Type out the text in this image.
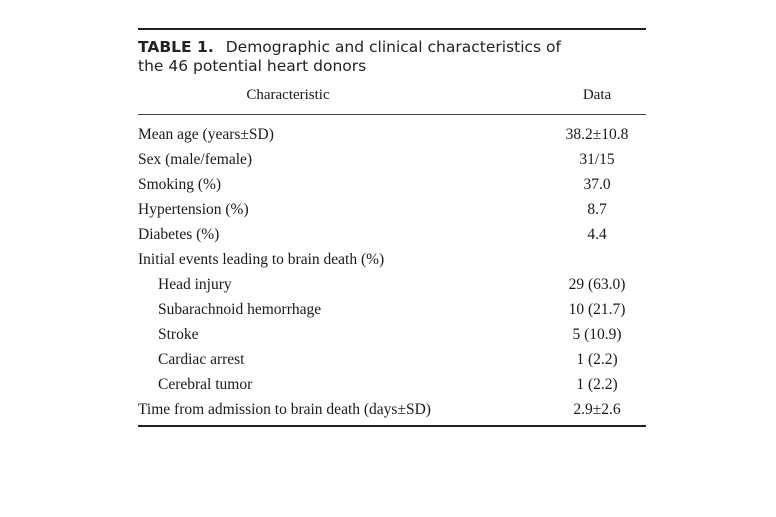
TABLE 1. Demographic and clinical characteristics of
the 46 potential heart donors
Characteristic	Data
Mean age (years±SD)	38.2±10.8
Sex (male/female)	31/15
Smoking (%)	37.0
Hypertension (%)	8.7
Diabetes (%)	4.4
Initial events leading to brain death (%)
Head injury	29 (63.0)
Subarachnoid hemorrhage	10 (21.7)
Stroke	5 (10.9)
Cardiac arrest	1 (2.2)
Cerebral tumor	1 (2.2)
Time from admission to brain death (days±SD)	2.9±2.6
